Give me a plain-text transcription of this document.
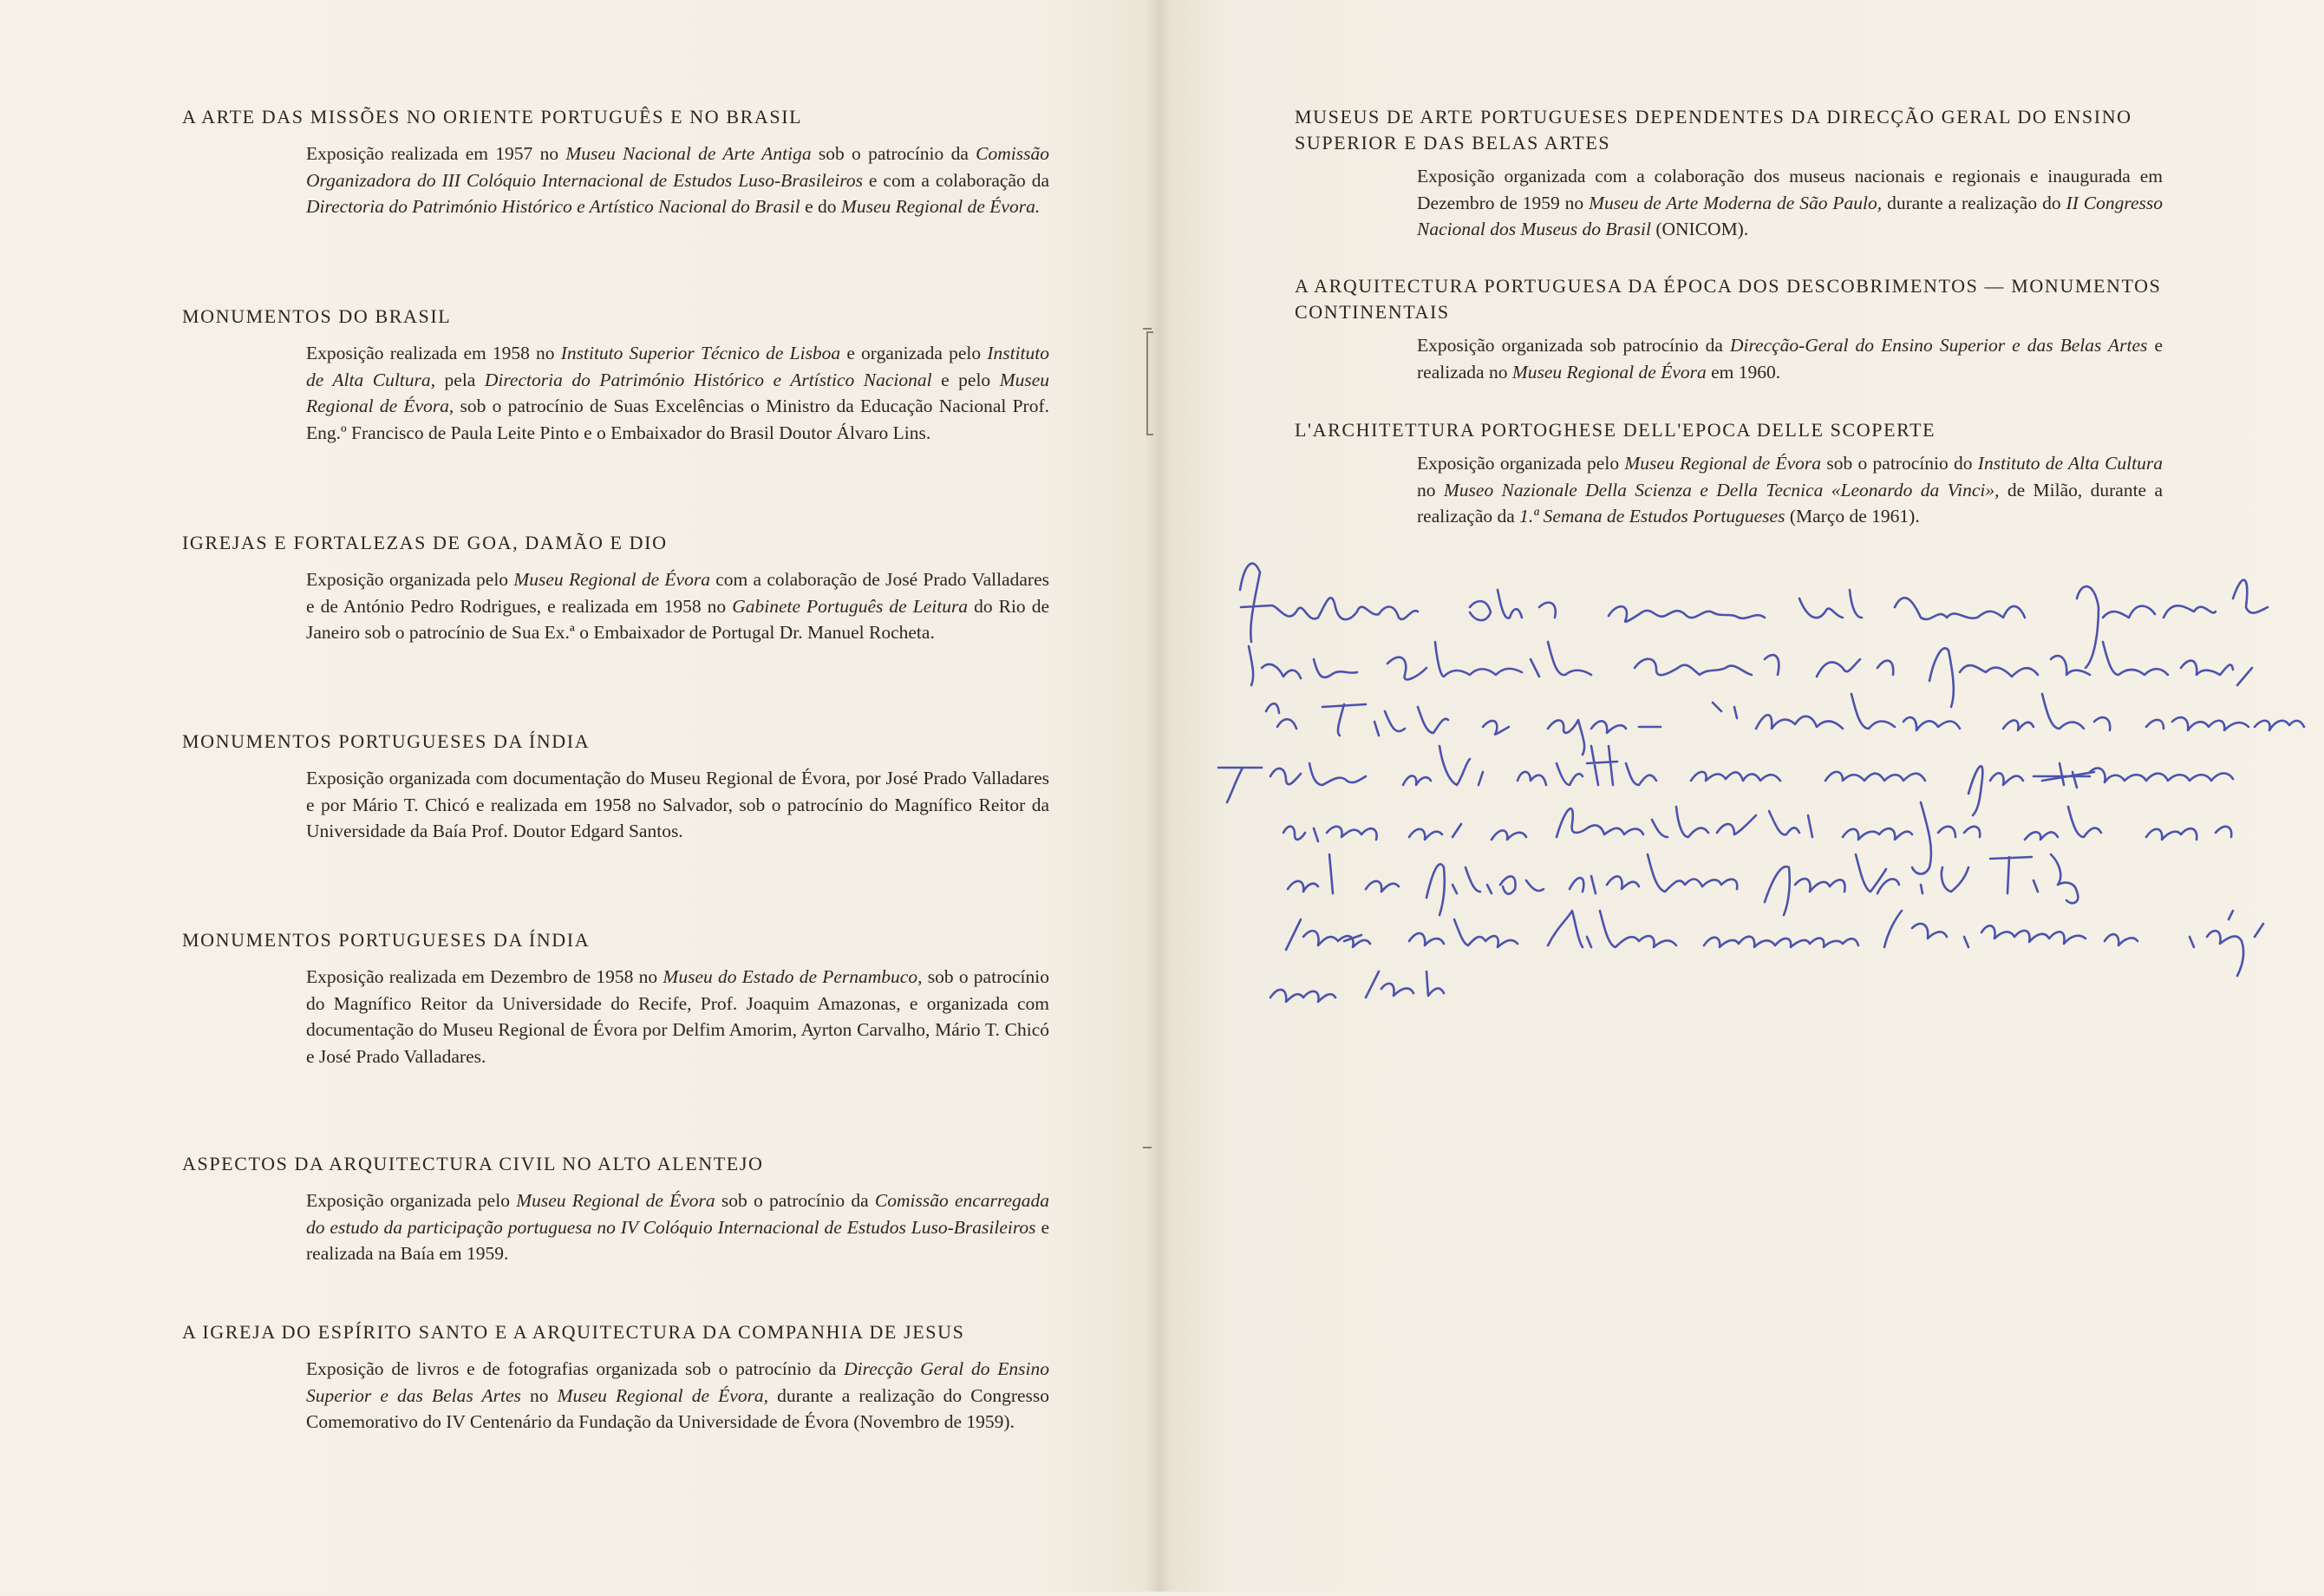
A ARTE DAS MISSÕES NO ORIENTE PORTUGUÊS E NO BRASIL

Exposição realizada em 1957 no Museu Nacional de Arte Antiga sob o patrocínio da Comissão Organizadora do III Colóquio Internacional de Estudos Luso-Brasileiros e com a colaboração da Directoria do Património Histórico e Artístico Nacional do Brasil e do Museu Regional de Évora.

MONUMENTOS DO BRASIL

Exposição realizada em 1958 no Instituto Superior Técnico de Lisboa e organizada pelo Instituto de Alta Cultura, pela Directoria do Património Histórico e Artístico Nacional e pelo Museu Regional de Évora, sob o patrocínio de Suas Excelências o Ministro da Educação Nacional Prof. Eng.º Francisco de Paula Leite Pinto e o Embaixador do Brasil Doutor Álvaro Lins.

IGREJAS E FORTALEZAS DE GOA, DAMÃO E DIO

Exposição organizada pelo Museu Regional de Évora com a colaboração de José Prado Valladares e de António Pedro Rodrigues, e realizada em 1958 no Gabinete Português de Leitura do Rio de Janeiro sob o patrocínio de Sua Ex.ª o Embaixador de Portugal Dr. Manuel Rocheta.

MONUMENTOS PORTUGUESES DA ÍNDIA

Exposição organizada com documentação do Museu Regional de Évora, por José Prado Valladares e por Mário T. Chicó e realizada em 1958 no Salvador, sob o patrocínio do Magnífico Reitor da Universidade da Baía Prof. Doutor Edgard Santos.

MONUMENTOS PORTUGUESES DA ÍNDIA

Exposição realizada em Dezembro de 1958 no Museu do Estado de Pernambuco, sob o patrocínio do Magnífico Reitor da Universidade do Recife, Prof. Joaquim Amazonas, e organizada com documentação do Museu Regional de Évora por Delfim Amorim, Ayrton Carvalho, Mário T. Chicó e José Prado Valladares.

ASPECTOS DA ARQUITECTURA CIVIL NO ALTO ALENTEJO

Exposição organizada pelo Museu Regional de Évora sob o patrocínio da Comissão encarregada do estudo da participação portuguesa no IV Colóquio Internacional de Estudos Luso-Brasileiros e realizada na Baía em 1959.

A IGREJA DO ESPÍRITO SANTO E A ARQUITECTURA DA COMPANHIA DE JESUS

Exposição de livros e de fotografias organizada sob o patrocínio da Direcção Geral do Ensino Superior e das Belas Artes no Museu Regional de Évora, durante a realização do Congresso Comemorativo do IV Centenário da Fundação da Universidade de Évora (Novembro de 1959).

MUSEUS DE ARTE PORTUGUESES DEPENDENTES DA DIRECÇÃO GERAL DO ENSINO SUPERIOR E DAS BELAS ARTES

Exposição organizada com a colaboração dos museus nacionais e regionais e inaugurada em Dezembro de 1959 no Museu de Arte Moderna de São Paulo, durante a realização do II Congresso Nacional dos Museus do Brasil (ONICOM).

A ARQUITECTURA PORTUGUESA DA ÉPOCA DOS DESCOBRIMENTOS — MONUMENTOS CONTINENTAIS

Exposição organizada sob patrocínio da Direcção-Geral do Ensino Superior e das Belas Artes e realizada no Museu Regional de Évora em 1960.

L'ARCHITETTURA PORTOGHESE DELL'EPOCA DELLE SCOPERTE

Exposição organizada pelo Museu Regional de Évora sob o patrocínio do Instituto de Alta Cultura no Museo Nazionale Della Scienza e Della Tecnica «Leonardo da Vinci», de Milão, durante a realização da 1.ª Semana de Estudos Portugueses (Março de 1961).
